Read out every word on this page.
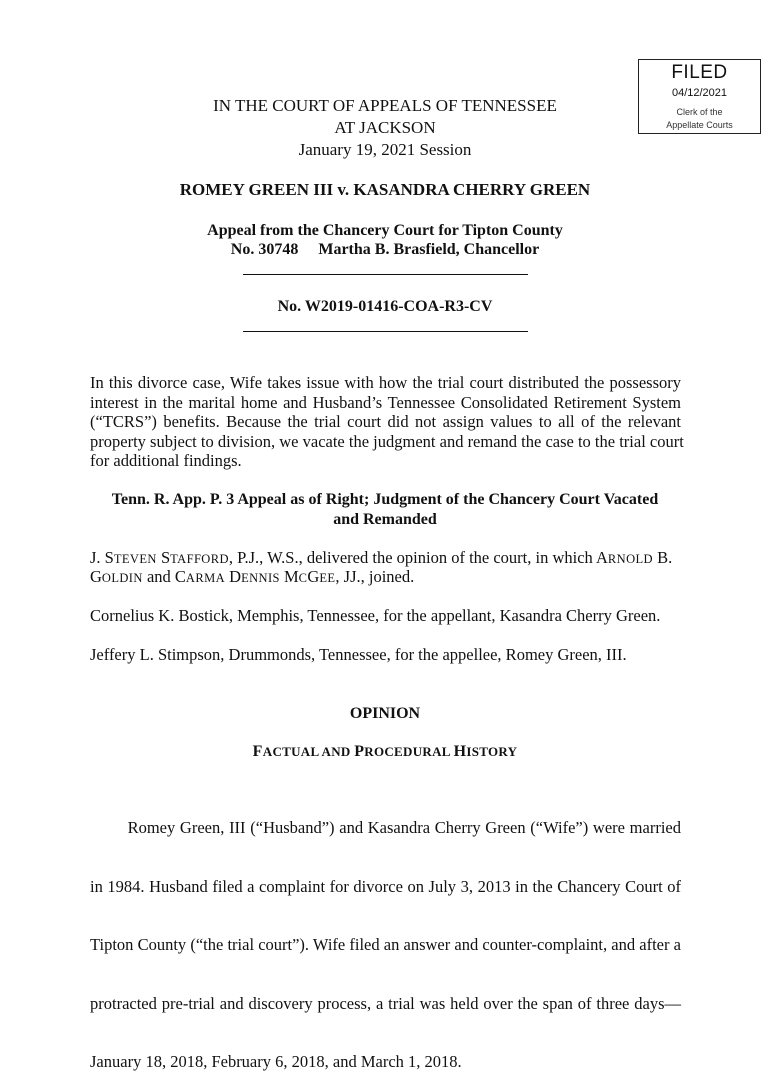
FILED
04/12/2021
Clerk of the
Appellate Courts
IN THE COURT OF APPEALS OF TENNESSEE
AT JACKSON
January 19, 2021 Session
ROMEY GREEN III v. KASANDRA CHERRY GREEN
Appeal from the Chancery Court for Tipton County
No. 30748     Martha B. Brasfield, Chancellor
No. W2019-01416-COA-R3-CV
In this divorce case, Wife takes issue with how the trial court distributed the possessory
interest in the marital home and Husband’s Tennessee Consolidated Retirement System
(“TCRS”) benefits. Because the trial court did not assign values to all of the relevant
property subject to division, we vacate the judgment and remand the case to the trial court
for additional findings.
Tenn. R. App. P. 3 Appeal as of Right; Judgment of the Chancery Court Vacated
and Remanded
J. STEVEN STAFFORD, P.J., W.S., delivered the opinion of the court, in which ARNOLD B.
GOLDIN and CARMA DENNIS MCGEE, JJ., joined.
Cornelius K. Bostick, Memphis, Tennessee, for the appellant, Kasandra Cherry Green.
Jeffery L. Stimpson, Drummonds, Tennessee, for the appellee, Romey Green, III.
OPINION
FACTUAL AND PROCEDURAL HISTORY

Romey Green, III (“Husband”) and Kasandra Cherry Green (“Wife”) were married

in 1984. Husband filed a complaint for divorce on July 3, 2013 in the Chancery Court of

Tipton County (“the trial court”). Wife filed an answer and counter-complaint, and after a

protracted pre-trial and discovery process, a trial was held over the span of three days—

January 18, 2018, February 6, 2018, and March 1, 2018.
